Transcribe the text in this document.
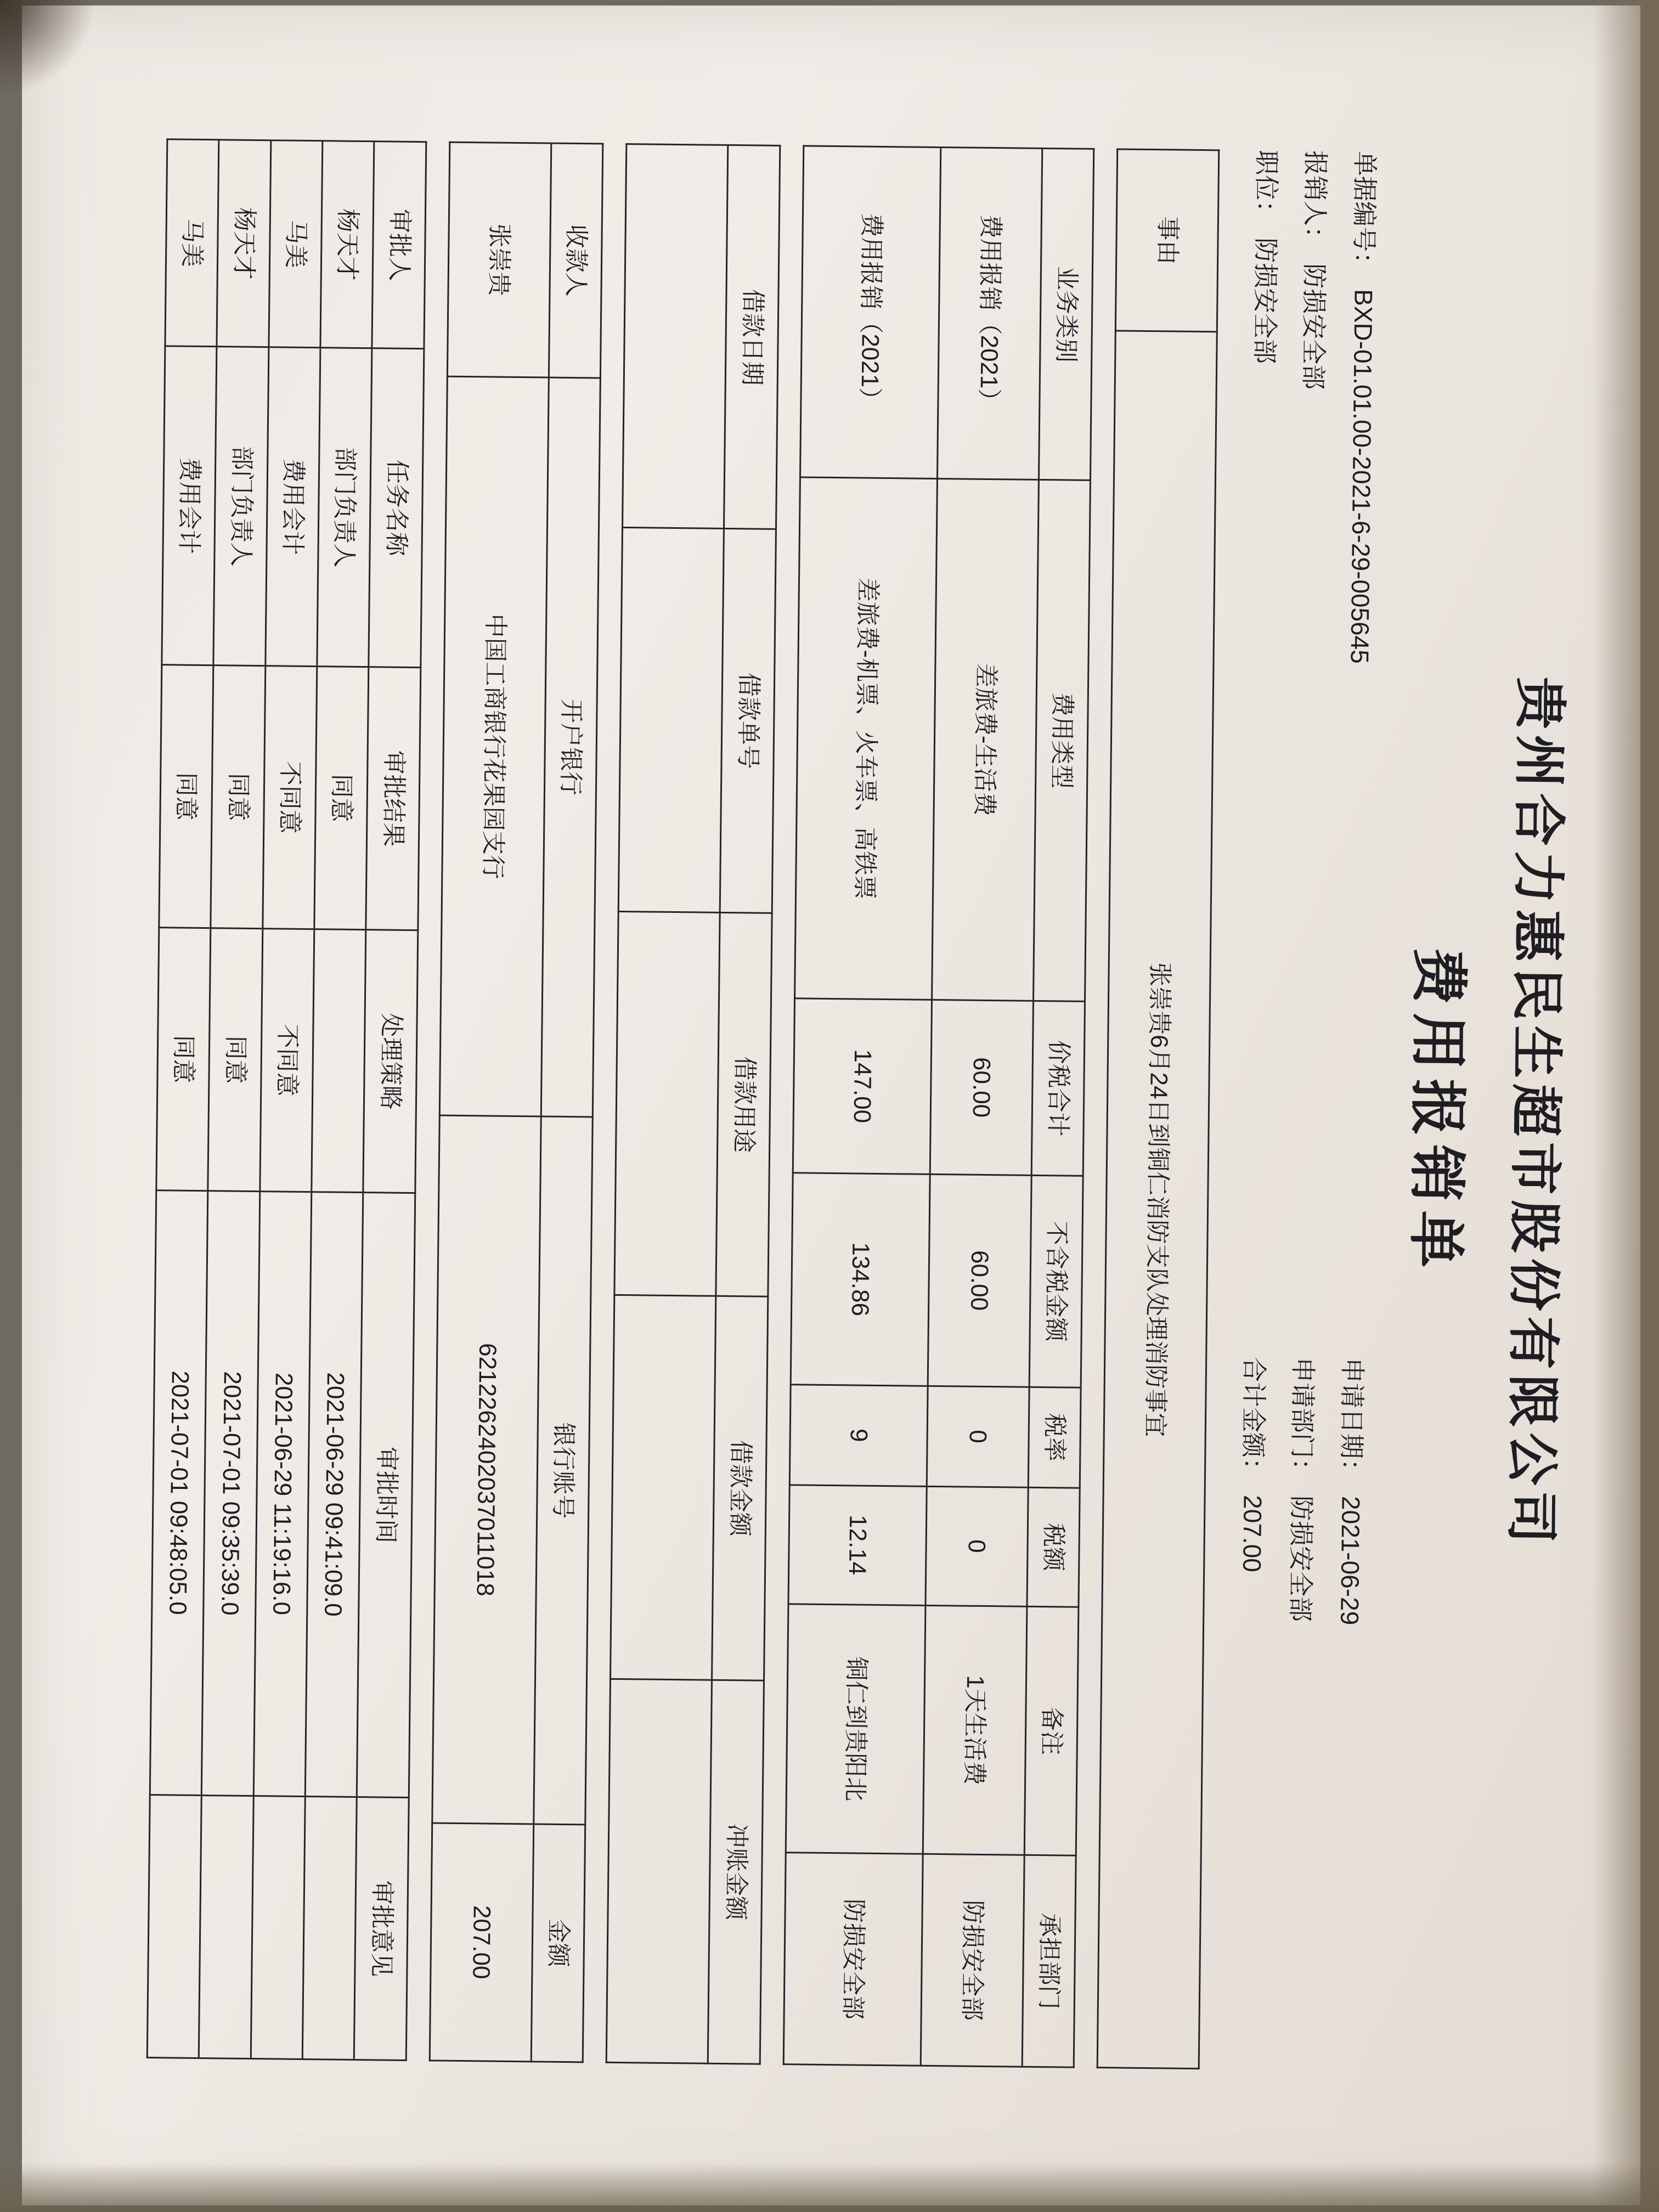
贵州合力惠民生超市股份有限公司
费用报销单
单据编号：
BXD-01.01.00-2021-6-29-005645
报销人：
防损安全部
职位：
防损安全部
申请日期：
2021-06-29
申请部门：
防损安全部
合计金额：
207.00
事由	张崇贵6月24日到铜仁消防支队处理消防事宜
业务类别	费用类型	价税合计	不含税金额	税率	税额	备注	承担部门
费用报销（2021）	差旅费-生活费	60.00	60.00	0	0	1天生活费	防损安全部
费用报销（2021）	差旅费-机票、火车票、高铁票	147.00	134.86	9	12.14	铜仁到贵阳北	防损安全部
借款日期	借款单号	借款用途	借款金额	冲账金额

收款人	开户银行	银行账号	金额
张崇贵	中国工商银行花果园支行	6212262402037011018	207.00
审批人	任务名称	审批结果	处理策略	审批时间	审批意见
杨天才	部门负责人	同意		2021-06-29 09:41:09.0	
马美	费用会计	不同意	不同意	2021-06-29 11:19:16.0	
杨天才	部门负责人	同意	同意	2021-07-01 09:35:39.0	
马美	费用会计	同意	同意	2021-07-01 09:48:05.0	
